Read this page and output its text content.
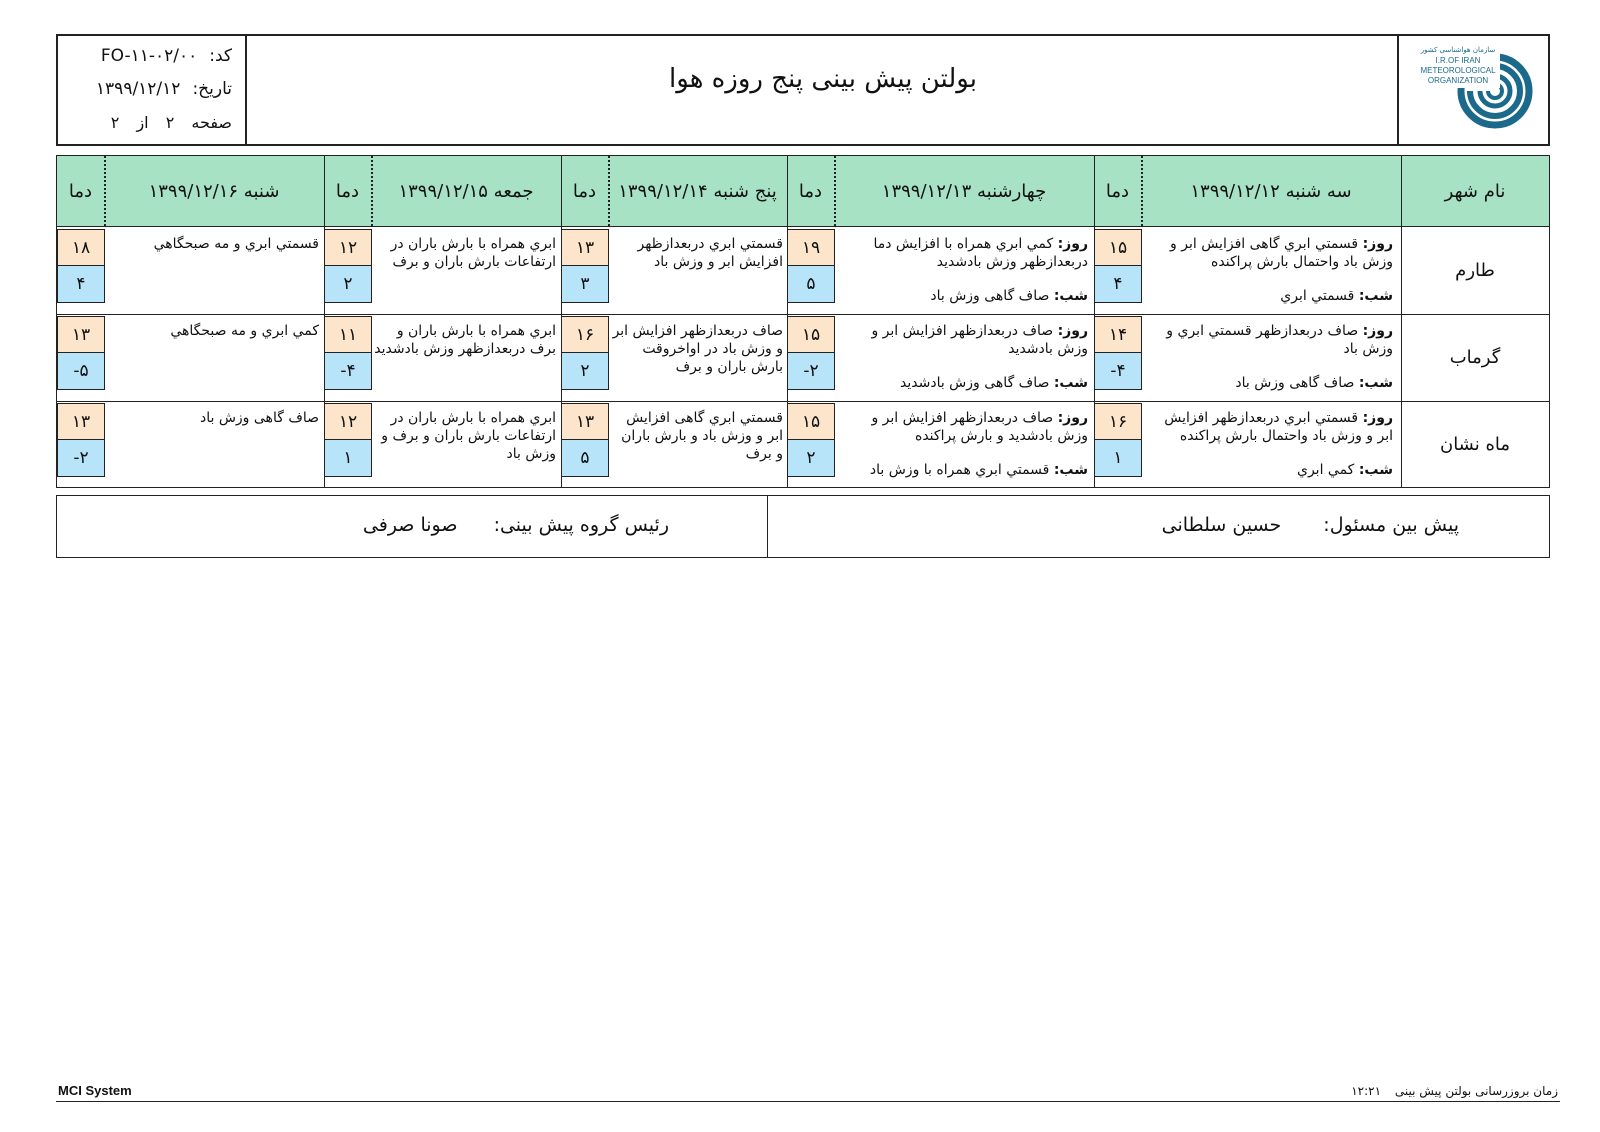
کد:FO-۱۱-۰۲/۰۰
تاریخ:۱۳۹۹/۱۲/۱۲
صفحه ۲ از ۲
بولتن پیش بینی پنج روزه هوا
سازمان هواشناسی کشور
I.R.OF IRAN
METEOROLOGICAL
ORGANIZATION
نام شهر
سه شنبه ۱۳۹۹/۱۲/۱۲
دما
چهارشنبه ۱۳۹۹/۱۲/۱۳
دما
پنج شنبه ۱۳۹۹/۱۲/۱۴
دما
جمعه ۱۳۹۹/۱۲/۱۵
دما
شنبه ۱۳۹۹/۱۲/۱۶
دما
طارم
روز: قسمتي ابري گاهی افزایش ابر و وزش باد واحتمال بارش پراكنده
شب: قسمتي ابري
۱۵
۴
روز: كمي ابري همراه با افزایش دما دربعدازظهر وزش بادشدید
شب: صاف گاهی وزش باد
۱۹
۵
قسمتي ابري دربعدازظهر افزایش ابر و وزش باد
۱۳
۳
ابري همراه با بارش باران در ارتفاعات بارش باران و برف
۱۲
۲
قسمتي ابري و مه صبحگاهي
۱۸
۴
گرماب
روز: صاف دربعدازظهر قسمتي ابري و وزش باد
شب: صاف گاهی وزش باد
۱۴
-۴
روز: صاف دربعدازظهر افزایش ابر و وزش بادشدید
شب: صاف گاهی وزش بادشدید
۱۵
-۲
صاف دربعدازظهر افزایش ابر و وزش باد در اواخروقت بارش باران و برف
۱۶
۲
ابري همراه با بارش باران و برف دربعدازظهر وزش بادشدید
۱۱
-۴
كمي ابري و مه صبحگاهي
۱۳
-۵
ماه نشان
روز: قسمتي ابري دربعدازظهر افزایش ابر و وزش باد واحتمال بارش پراكنده
شب: كمي ابري
۱۶
۱
روز: صاف دربعدازظهر افزایش ابر و وزش بادشدید و بارش پراكنده
شب: قسمتي ابري همراه با وزش باد
۱۵
۲
قسمتي ابري گاهی افزایش ابر و وزش باد و بارش باران و برف
۱۳
۵
ابري همراه با بارش باران در ارتفاعات بارش باران و برف و وزش باد
۱۲
۱
صاف گاهی وزش باد
۱۳
-۲
پیش بین مسئول: حسین سلطانی
رئیس گروه پیش بینی: صونا صرفی
MCI System	زمان بروزرسانی بولتن پیش بینی ۱۲:۲۱
